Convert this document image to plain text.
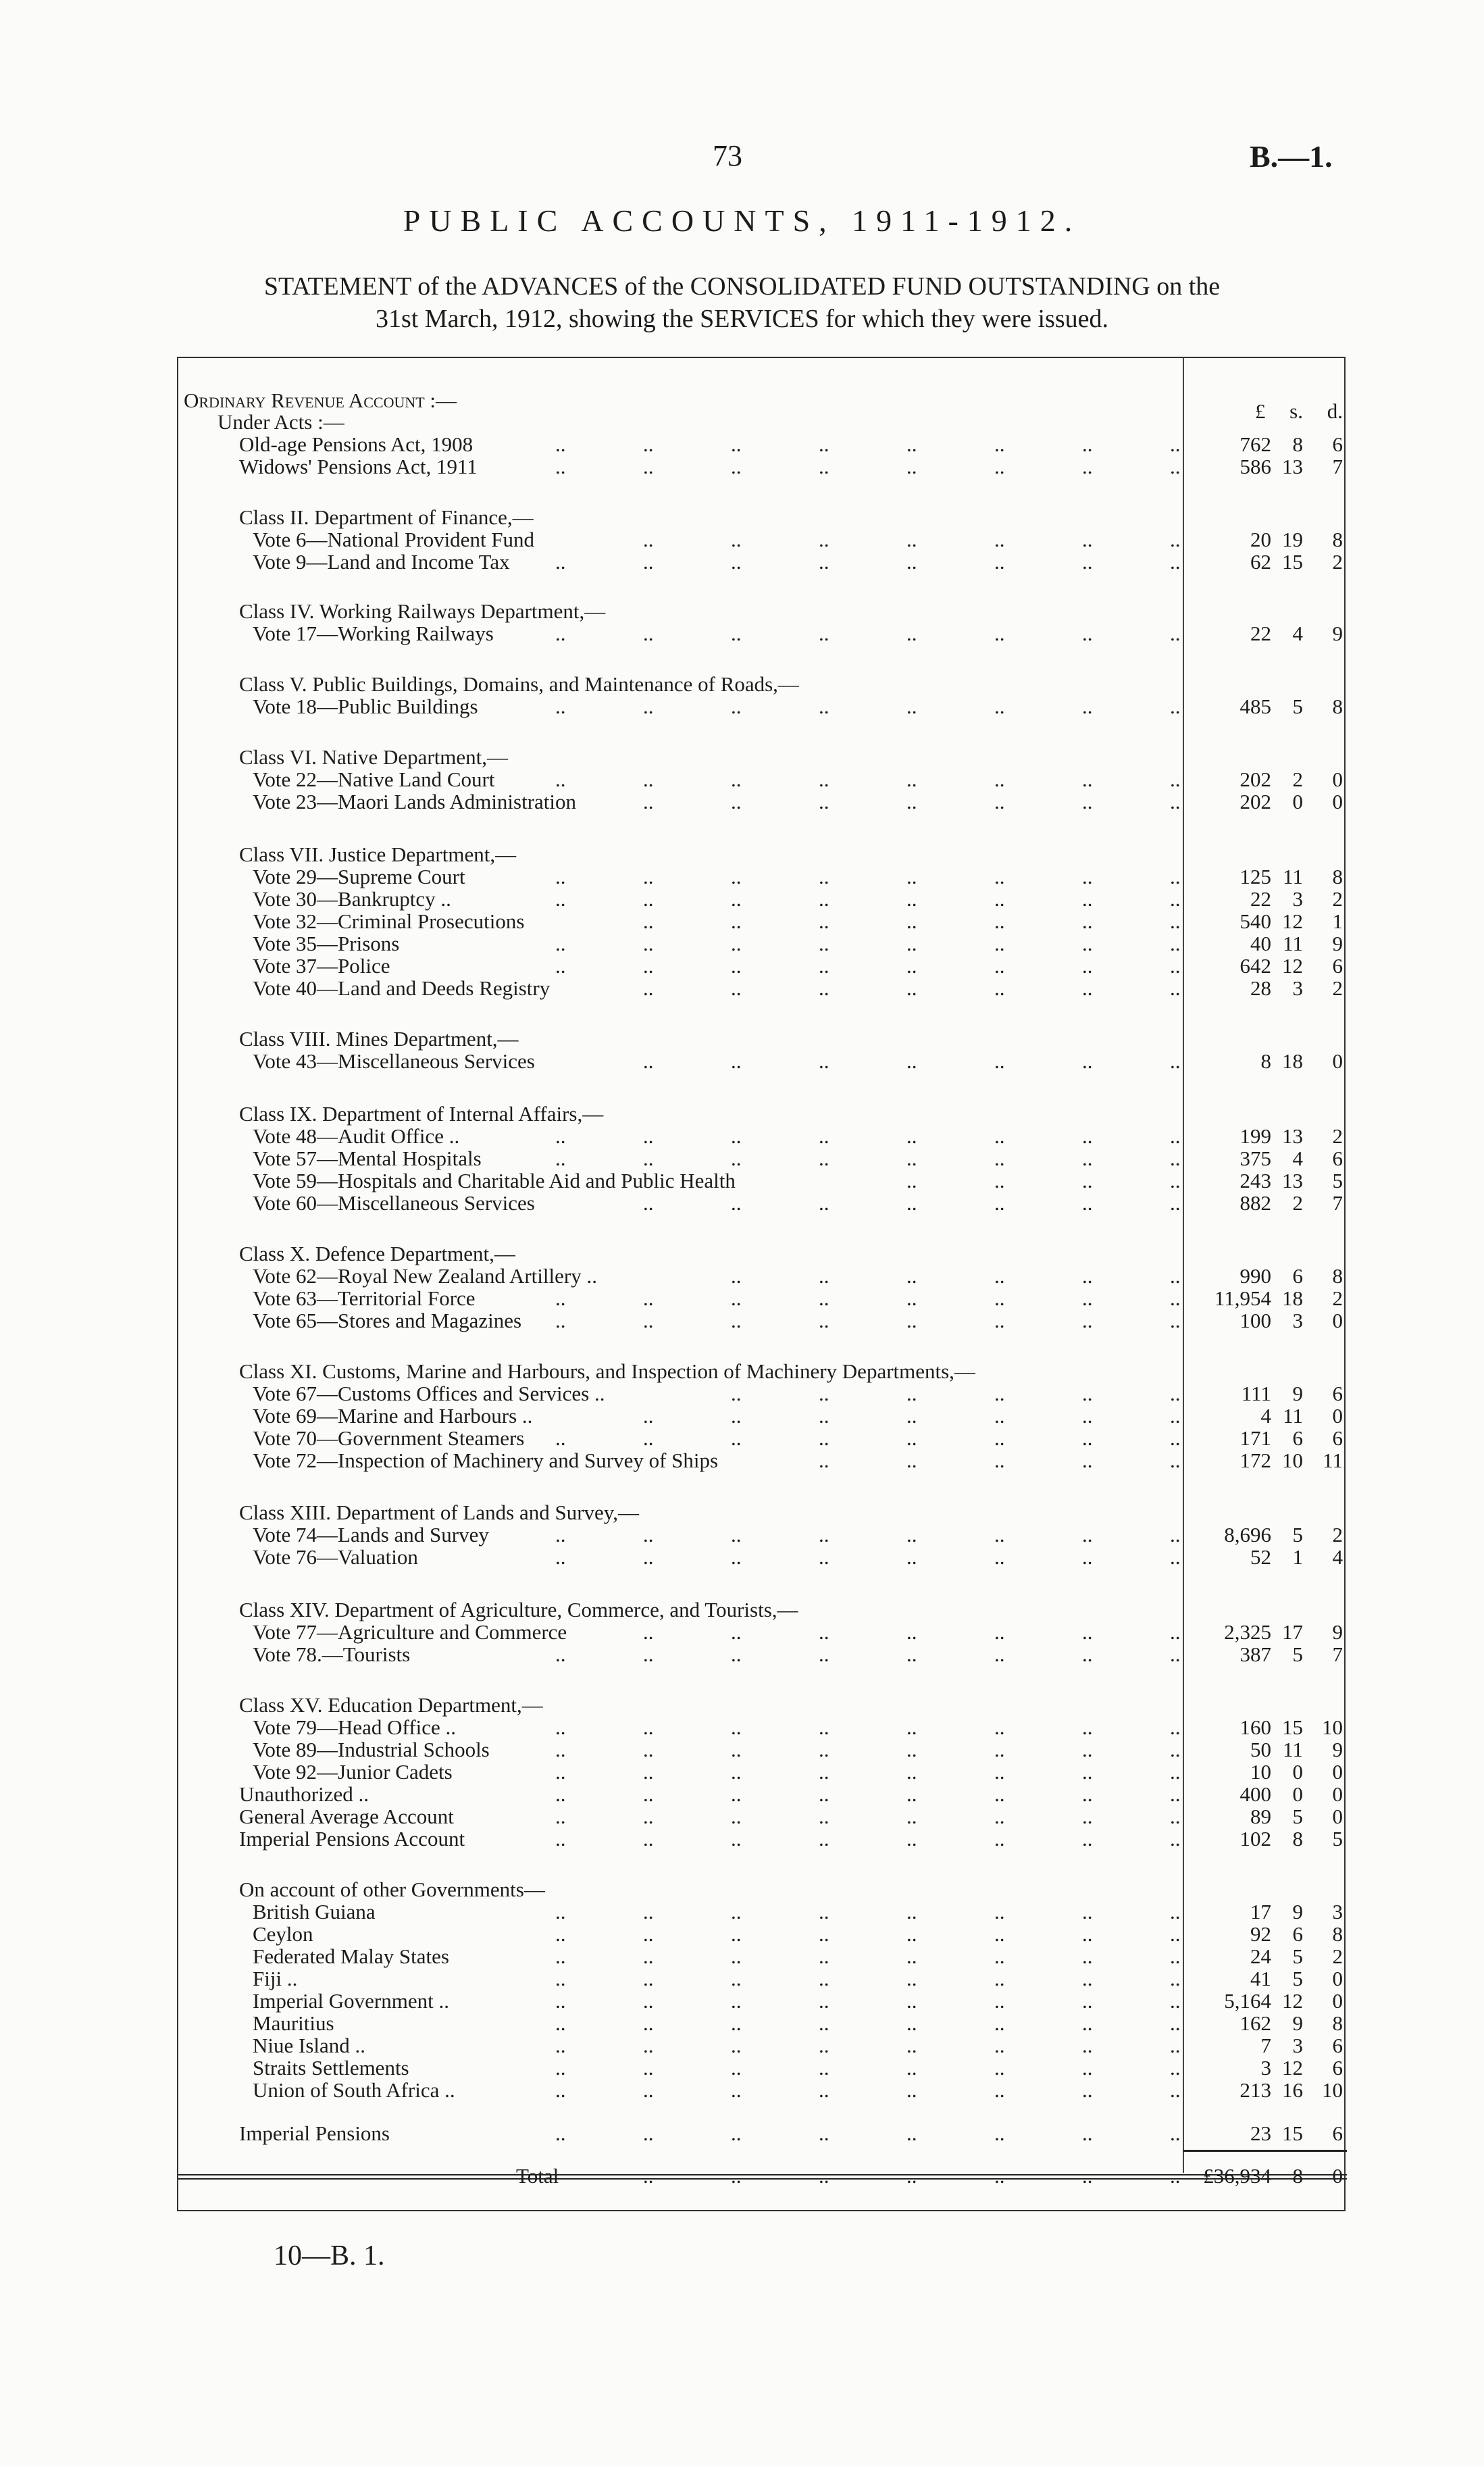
73	B.—1.
PUBLIC ACCOUNTS, 1911-1912.
STATEMENT of the ADVANCES of the CONSOLIDATED FUND OUTSTANDING on the
31st March, 1912, showing the SERVICES for which they were issued.
£	s.	d.
Ordinary Revenue Account :—
Under Acts :—
Old-age Pensions Act, 1908	..	..	..	..	..	..	..	..	762	8	6
Widows' Pensions Act, 1911	..	..	..	..	..	..	..	..	586 13	7
Class II. Department of Finance,—
Vote 6—National Provident Fund	..	..	..	..	..	..	..	20 19	8
Vote 9—Land and Income Tax ..	..	..	..	..	..	..	..	62 15	2
Class IV. Working Railways Department,—
Vote 17—Working Railways	..	..	..	..	..	..	..	..	22	4	9
Class V. Public Buildings, Domains, and Maintenance of Roads,—
Vote 18—Public Buildings	..	..	..	..	..	..	..	..	485	5	8
Class VI. Native Department,—
Vote 22—Native Land Court	..	..	..	..	..	..	..	..	202	2	0
Vote 23—Maori Lands Administration	..	..	..	..	..	..	..	202	0	0
Class VII. Justice Department,—
Vote 29—Supreme Court	..	..	..	..	..	..	..	..	125 11	8
Vote 30—Bankruptcy ..	..	..	..	..	..	..	..	..	22	3	2
Vote 32—Criminal Prosecutions	..	..	..	..	..	..	..	540 12	1
Vote 35—Prisons	..	..	..	..	..	..	..	..	40 11	9
Vote 37—Police	..	..	..	..	..	..	..	..	642 12	6
Vote 40—Land and Deeds Registry	..	..	..	..	..	..	..	28	3	2
Class VIII. Mines Department,—
Vote 43—Miscellaneous Services	..	..	..	..	..	..	..	8 18	0
Class IX. Department of Internal Affairs,—
Vote 48—Audit Office ..	..	..	..	..	..	..	..	..	199 13	2
Vote 57—Mental Hospitals	..	..	..	..	..	..	..	..	375	4	6
Vote 59—Hospitals and Charitable Aid and Public Health	..	..	..	..	243 13	5
Vote 60—Miscellaneous Services	..	..	..	..	..	..	..	882	2	7
Class X. Defence Department,—
Vote 62—Royal New Zealand Artillery ..	..	..	..	..	..	..	990	6	8
Vote 63—Territorial Force	..	..	..	..	..	..	..	..	11,954 18	2
Vote 65—Stores and Magazines ..	..	..	..	..	..	..	..	100	3	0
Class XI. Customs, Marine and Harbours, and Inspection of Machinery Departments,—
Vote 67—Customs Offices and Services ..	..	..	..	..	..	..	111	9	6
Vote 69—Marine and Harbours ..	..	..	..	..	..	..	..	4 11	0
Vote 70—Government Steamers ..	..	..	..	..	..	..	..	171	6	6
Vote 72—Inspection of Machinery and Survey of Ships	..	..	..	..	..	172 10 11
Class XIII. Department of Lands and Survey,—
Vote 74—Lands and Survey	..	..	..	..	..	..	..	..	8,696	5	2
Vote 76—Valuation	..	..	..	..	..	..	..	..	52	1	4
Class XIV. Department of Agriculture, Commerce, and Tourists,—
Vote 77—Agriculture and Commerce	..	..	..	..	..	..	..	2,325 17	9
Vote 78.—Tourists	..	..	..	..	..	..	..	..	387	5	7
Class XV. Education Department,—
Vote 79—Head Office ..	..	..	..	..	..	..	..	..	160 15 10
Vote 89—Industrial Schools	..	..	..	..	..	..	..	..	50 11	9
Vote 92—Junior Cadets	..	..	..	..	..	..	..	..	10	0	0
Unauthorized ..	..	..	..	..	..	..	..	..	400	0	0
General Average Account	..	..	..	..	..	..	..	..	89	5	0
Imperial Pensions Account	..	..	..	..	..	..	..	..	102	8	5
On account of other Governments—
British Guiana	..	..	..	..	..	..	..	..	17	9	3
Ceylon	..	..	..	..	..	..	..	..	92	6	8
Federated Malay States	..	..	..	..	..	..	..	..	24	5	2
Fiji ..	..	..	..	..	..	..	..	..	41	5	0
Imperial Government ..	..	..	..	..	..	..	..	..	5,164 12	0
Mauritius	..	..	..	..	..	..	..	..	162	9	8
Niue Island ..	..	..	..	..	..	..	..	..	7	3	6
Straits Settlements	..	..	..	..	..	..	..	..	3 12	6
Union of South Africa ..	..	..	..	..	..	..	..	..	213 16 10
Imperial Pensions	..	..	..	..	..	..	..	..	23 15	6
Total	..	..	..	..	..	..	..	£36,934	8	0
10—B. 1.
